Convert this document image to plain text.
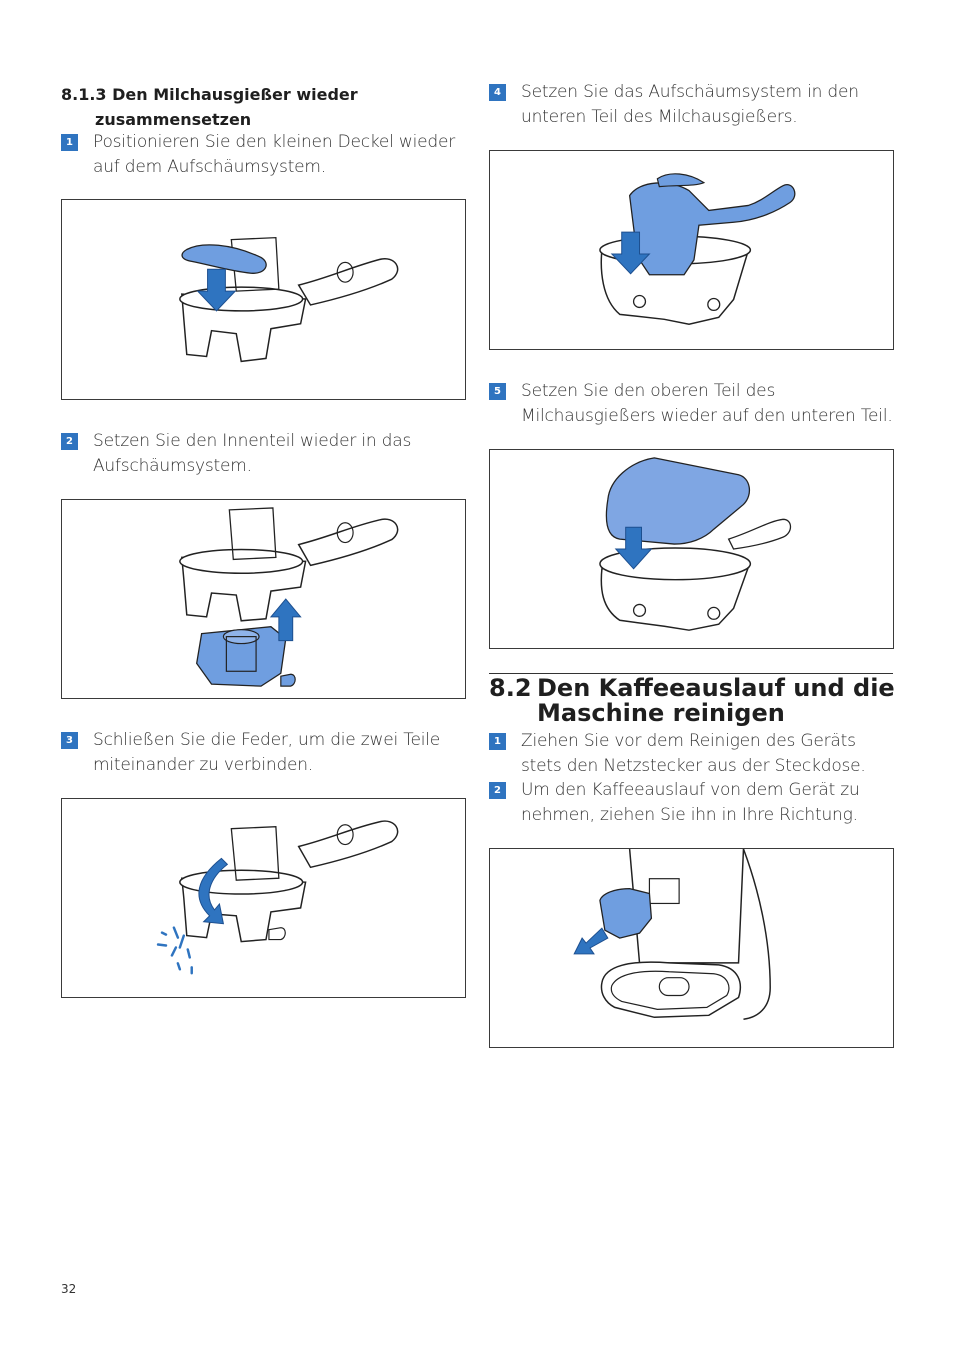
8.1.3 Den Milchausgießer wieder
zusammensetzen
1	Positionieren Sie den kleinen Deckel wieder auf dem Aufschäumsystem.
2	Setzen Sie den Innenteil wieder in das Aufschäumsystem.
3	Schließen Sie die Feder, um die zwei Teile miteinander zu verbinden.
4	Setzen Sie das Aufschäumsystem in den unteren Teil des Milchausgießers.
5	Setzen Sie den oberen Teil des Milchausgießers wieder auf den unteren Teil.
8.2 Den Kaffeeauslauf und die Maschine reinigen
1	Ziehen Sie vor dem Reinigen des Geräts stets den Netzstecker aus der Steckdose.
2	Um den Kaffeeauslauf von dem Gerät zu nehmen, ziehen Sie ihn in Ihre Richtung.
32
